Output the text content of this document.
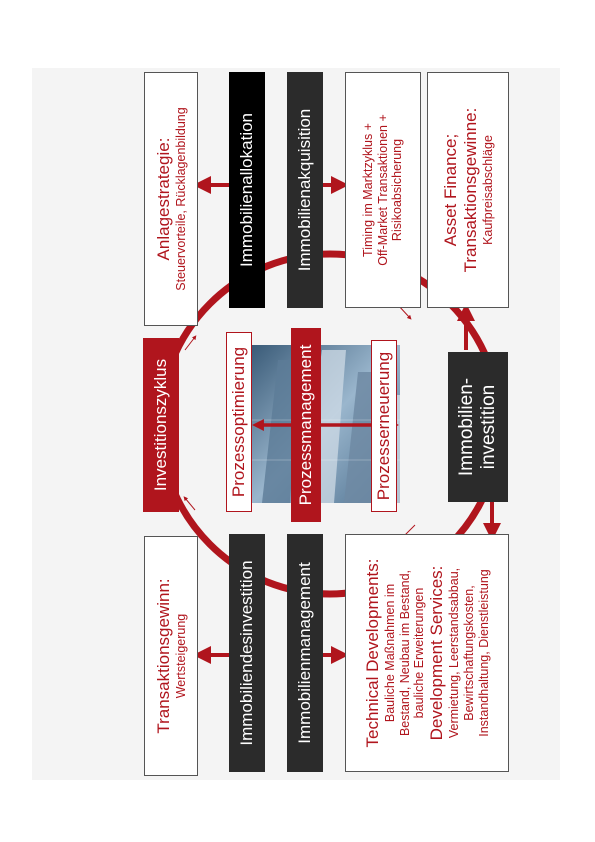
Anlagestrategie: Steuervorteile, Rücklagenbildung	Immobilienallokation Immobilienakquisition	Timing im Marktzyklus + Off-Market Transaktionen + Risikoabsicherung Asset Finance; Transaktionsgewinne: Kaufpreisabschläge
Investitionszyklus	Prozessoptimierung	Prozessmanagement	Prozesserneuerung	Immobilien- investition
Transaktionsgewinn: Wertsteigerung	Immobiliendesinvestition Immobilienmanagement	Technical Developments: Bauliche Maßnahmen im Bestand, Neubau im Bestand, bauliche Erweiterungen Development Services: Vermietung, Leerstandsabbau, Bewirtschaftungskosten, Instandhaltung, Dienstleistung
